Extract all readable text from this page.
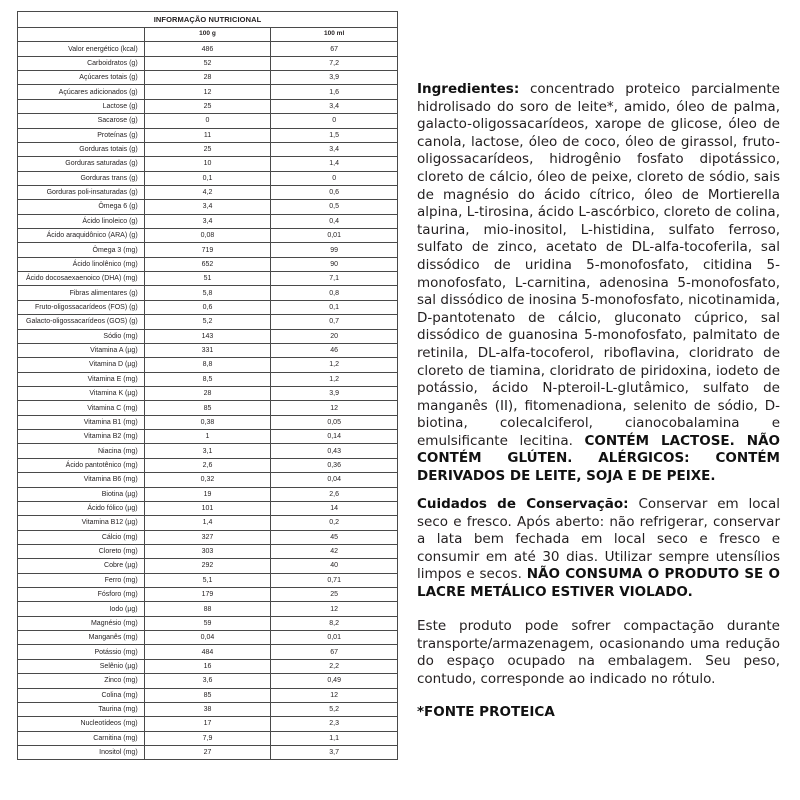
INFORMAÇÃO NUTRICIONAL		
	100 g	100 ml
Valor energético (kcal)	486	67
Carboidratos (g)	52	7,2
Açúcares totais (g)	28	3,9
Açúcares adicionados (g)	12	1,6
Lactose (g)	25	3,4
Sacarose (g)	0	0
Proteínas (g)	11	1,5
Gorduras totais (g)	25	3,4
Gorduras saturadas (g)	10	1,4
Gorduras trans (g)	0,1	0
Gorduras poli-insaturadas (g)	4,2	0,6
Ômega 6 (g)	3,4	0,5
Ácido linoleico (g)	3,4	0,4
Ácido araquidônico (ARA) (g)	0,08	0,01
Ômega 3 (mg)	719	99
Ácido linolênico (mg)	652	90
Ácido docosaexaenoico (DHA) (mg)	51	7,1
Fibras alimentares (g)	5,8	0,8
Fruto-oligossacarídeos (FOS) (g)	0,6	0,1
Galacto-oligossacarídeos (GOS) (g)	5,2	0,7
Sódio (mg)	143	20
Vitamina A (µg)	331	46
Vitamina D (µg)	8,8	1,2
Vitamina E (mg)	8,5	1,2
Vitamina K (µg)	28	3,9
Vitamina C (mg)	85	12
Vitamina B1 (mg)	0,38	0,05
Vitamina B2 (mg)	1	0,14
Niacina (mg)	3,1	0,43
Ácido pantotênico (mg)	2,6	0,36
Vitamina B6 (mg)	0,32	0,04
Biotina (µg)	19	2,6
Ácido fólico (µg)	101	14
Vitamina B12 (µg)	1,4	0,2
Cálcio (mg)	327	45
Cloreto (mg)	303	42
Cobre (µg)	292	40
Ferro (mg)	5,1	0,71
Fósforo (mg)	179	25
Iodo (µg)	88	12
Magnésio (mg)	59	8,2
Manganês (mg)	0,04	0,01
Potássio (mg)	484	67
Selênio (µg)	16	2,2
Zinco (mg)	3,6	0,49
Colina (mg)	85	12
Taurina (mg)	38	5,2
Nucleotídeos (mg)	17	2,3
Carnitina (mg)	7,9	1,1
Inositol (mg)	27	3,7
Ingredientes: concentrado proteico parcialmente hidrolisado do soro de leite*, amido, óleo de palma, galacto-oligossacarídeos, xarope de glicose, óleo de canola, lactose, óleo de coco, óleo de girassol, fruto-oligossacarídeos, hidrogênio fosfato dipotássico, cloreto de cálcio, óleo de peixe, cloreto de sódio, sais de magnésio do ácido cítrico, óleo de Mortierella alpina, L-tirosina, ácido L-ascórbico, cloreto de colina, taurina, mio-inositol, L-histidina, sulfato ferroso, sulfato de zinco, acetato de DL-alfa-tocoferila, sal dissódico de uridina 5-monofosfato, citidina 5-monofosfato, L-carnitina, adenosina 5-monofosfato, sal dissódico de inosina 5-monofosfato, nicotinamida, D-pantotenato de cálcio, gluconato cúprico, sal dissódico de guanosina 5-monofosfato, palmitato de retinila, DL-alfa-tocoferol, riboflavina, cloridrato de cloreto de tiamina, cloridrato de piridoxina, iodeto de potássio, ácido N-pteroil-L-glutâmico, sulfato de manganês (II), fitomenadiona, selenito de sódio, D-biotina, colecalciferol, cianocobalamina e emulsificante lecitina. CONTÉM LACTOSE. NÃO CONTÉM GLÚTEN. ALÉRGICOS: CONTÉM DERIVADOS DE LEITE, SOJA E DE PEIXE.
Cuidados de Conservação: Conservar em local seco e fresco. Após aberto: não refrigerar, conservar a lata bem fechada em local seco e fresco e consumir em até 30 dias. Utilizar sempre utensílios limpos e secos. NÃO CONSUMA O PRODUTO SE O LACRE METÁLICO ESTIVER VIOLADO.
Este produto pode sofrer compactação durante transporte/armazenagem, ocasionando uma redução do espaço ocupado na embalagem. Seu peso, contudo, corresponde ao indicado no rótulo.
*FONTE PROTEICA
